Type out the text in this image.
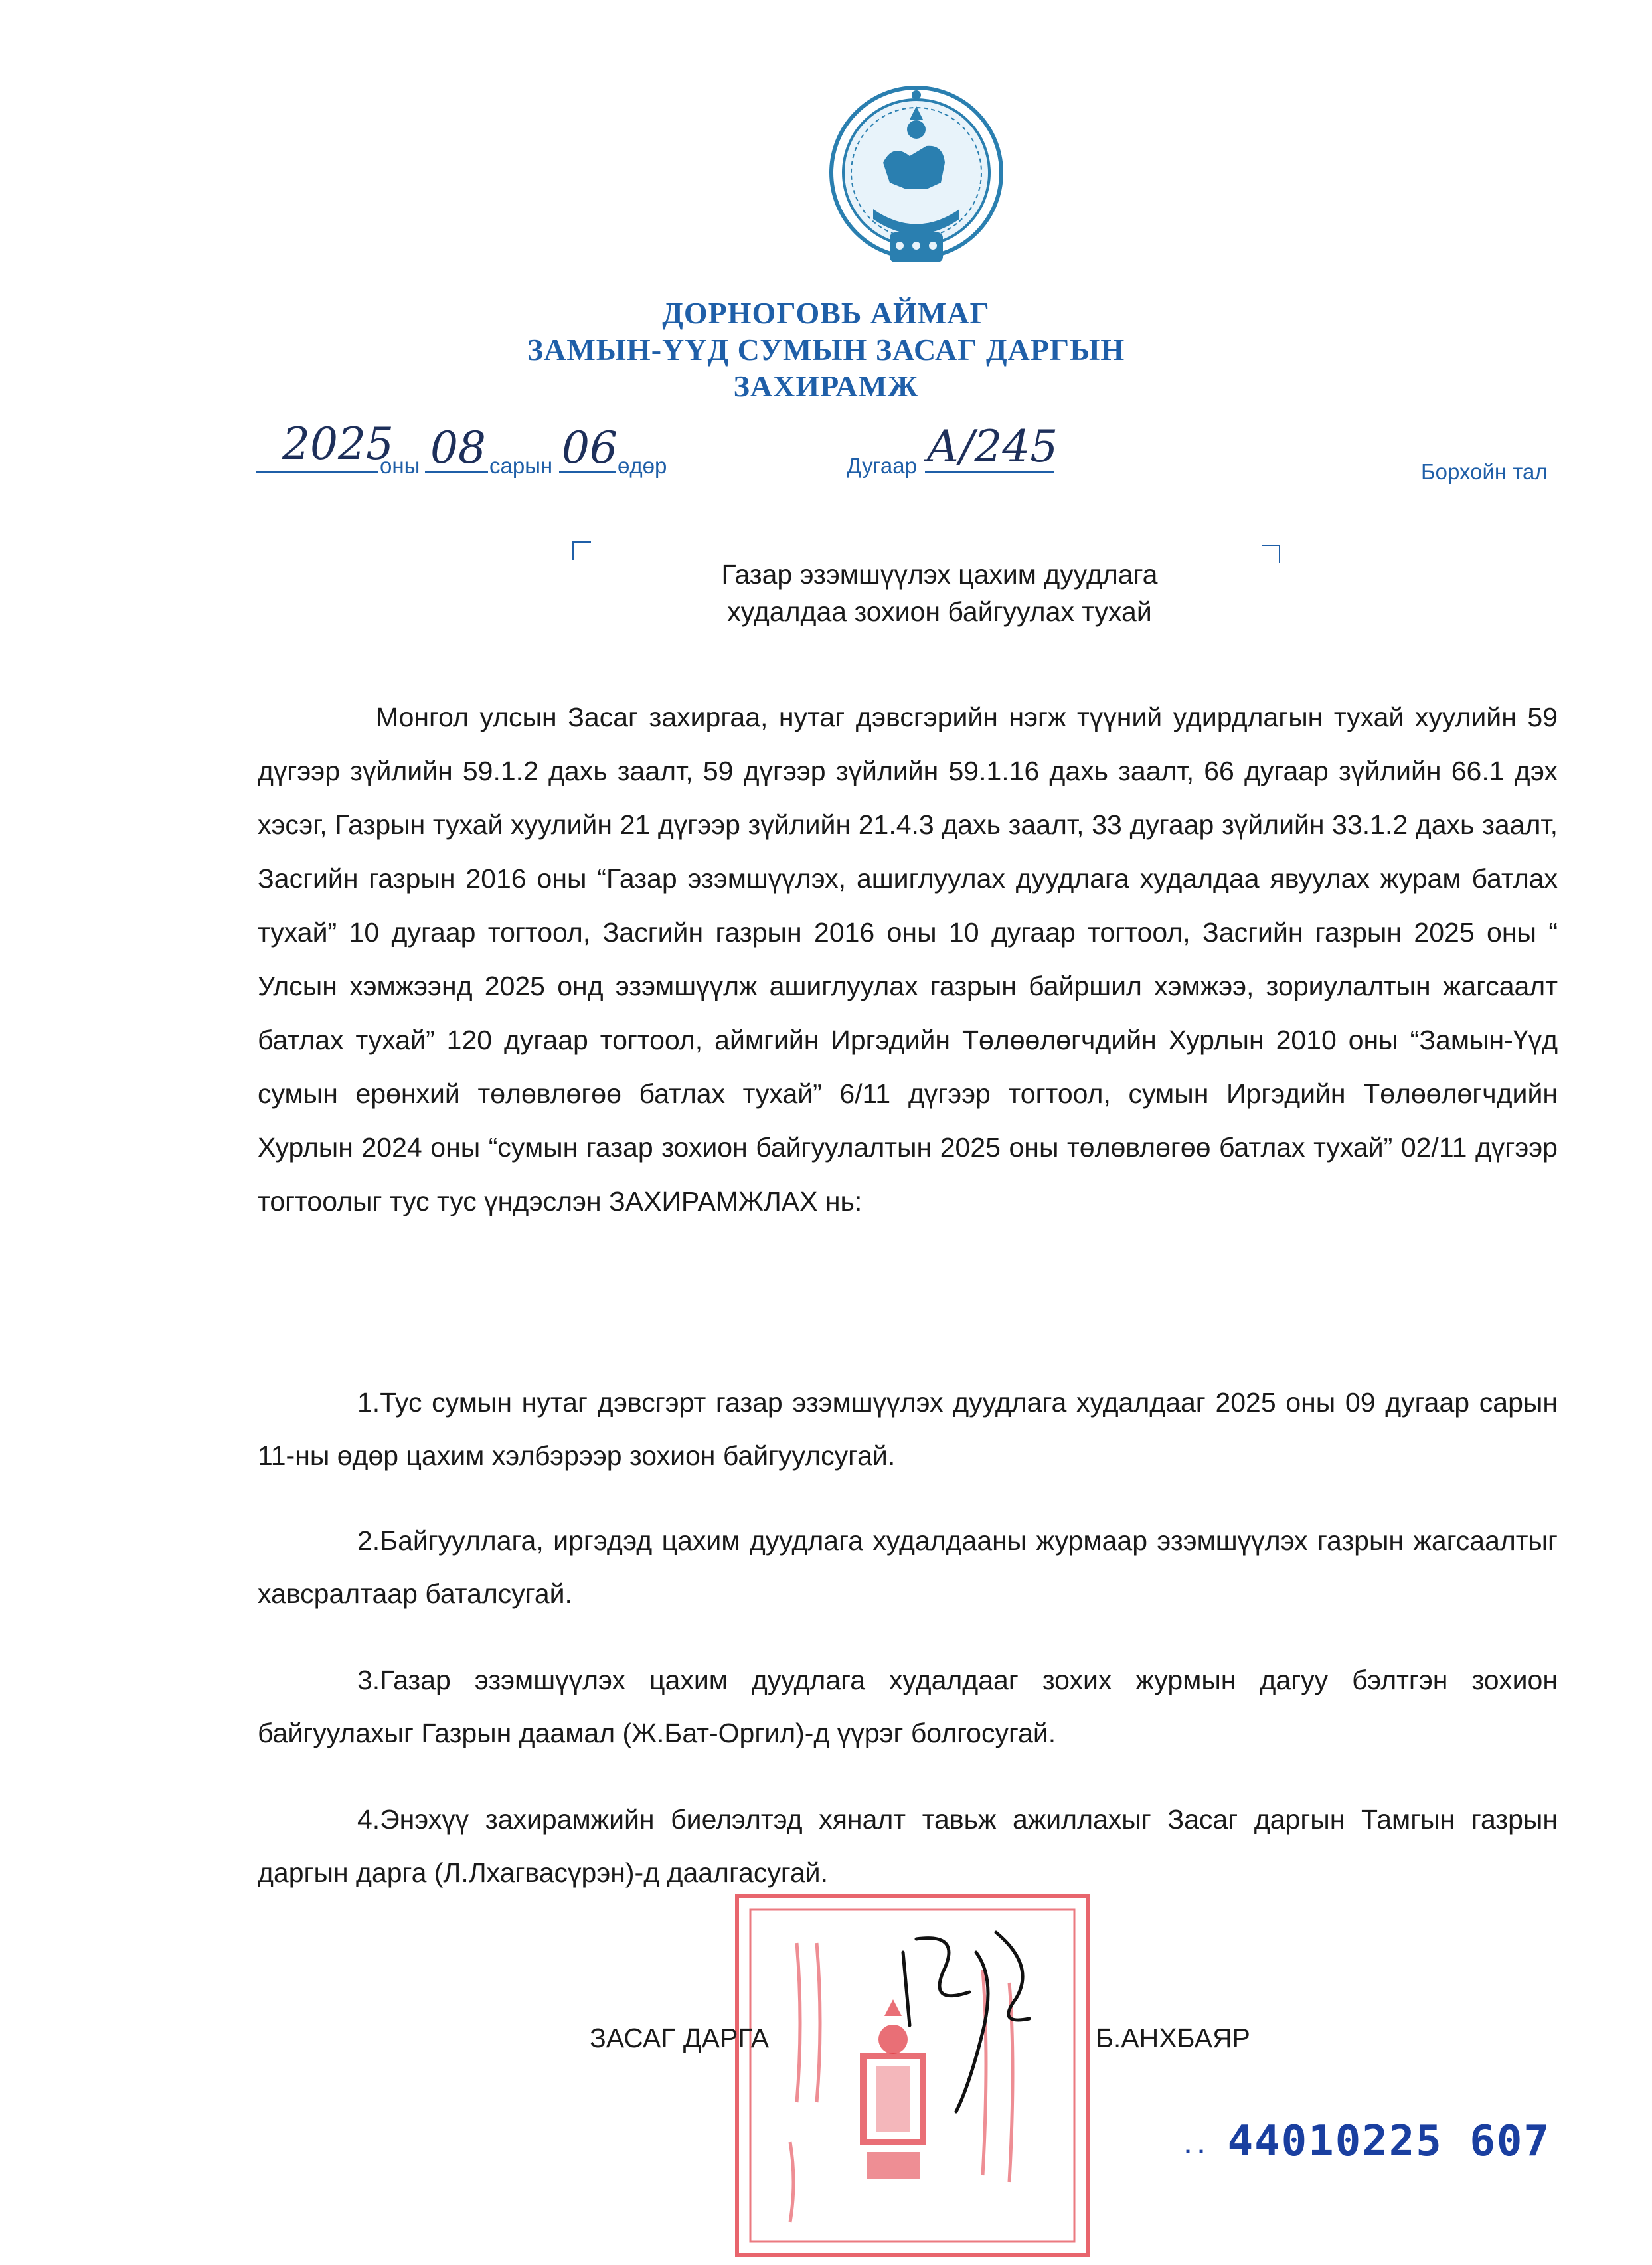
ДОРНОГОВЬ АЙМАГ
ЗАМЫН-ҮҮД СУМЫН ЗАСАГ ДАРГЫН
ЗАХИРАМЖ
2025
оны 08 сарын 06 өдөр	Дугаар А/245	Борхойн тал
Газар эзэмшүүлэх цахим дуудлага
худалдаа зохион байгуулах тухай
Монгол улсын Засаг захиргаа, нутаг дэвсгэрийн нэгж түүний удирдлагын тухай хуулийн 59 дүгээр зүйлийн 59.1.2 дахь заалт, 59 дүгээр зүйлийн 59.1.16 дахь заалт, 66 дугаар зүйлийн 66.1 дэх хэсэг, Газрын тухай хуулийн 21 дүгээр зүйлийн 21.4.3 дахь заалт, 33 дугаар зүйлийн 33.1.2 дахь заалт, Засгийн газрын 2016 оны “Газар эзэмшүүлэх, ашиглуулах дуудлага худалдаа явуулах журам батлах тухай” 10 дугаар тогтоол, Засгийн газрын 2016 оны 10 дугаар тогтоол, Засгийн газрын 2025 оны “ Улсын хэмжээнд 2025 онд эзэмшүүлж ашиглуулах газрын байршил хэмжээ, зориулалтын жагсаалт батлах тухай” 120 дугаар тогтоол, аймгийн Иргэдийн Төлөөлөгчдийн Хурлын 2010 оны “Замын-Үүд сумын ерөнхий төлөвлөгөө батлах тухай” 6/11 дүгээр тогтоол, сумын Иргэдийн Төлөөлөгчдийн Хурлын 2024 оны “сумын газар зохион байгуулалтын 2025 оны төлөвлөгөө батлах тухай” 02/11 дүгээр тогтоолыг тус тус үндэслэн ЗАХИРАМЖЛАХ нь:
1.Тус сумын нутаг дэвсгэрт газар эзэмшүүлэх дуудлага худалдааг 2025 оны 09 дугаар сарын 11-ны өдөр цахим хэлбэрээр зохион байгуулсугай.
2.Байгууллага, иргэдэд цахим дуудлага худалдааны журмаар эзэмшүүлэх газрын жагсаалтыг хавсралтаар баталсугай.
3.Газар эзэмшүүлэх цахим дуудлага худалдааг зохих журмын дагуу бэлтгэн зохион байгуулахыг Газрын даамал (Ж.Бат-Оргил)-д үүрэг болгосугай.
4.Энэхүү захирамжийн биелэлтэд хяналт тавьж ажиллахыг Засаг даргын Тамгын газрын даргын дарга (Л.Лхагвасүрэн)-д даалгасугай.
ЗАСАГ ДАРГА	Б.АНХБАЯР
·· 44010225 607
